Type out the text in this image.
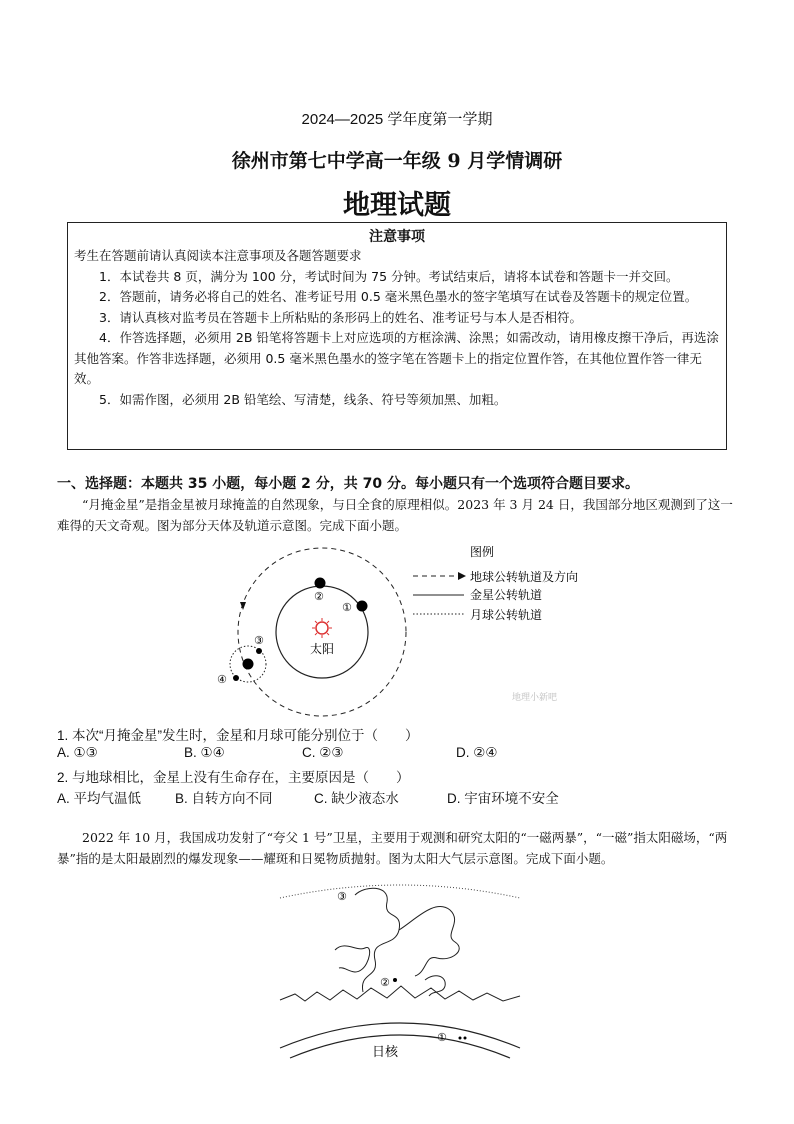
2024—2025 学年度第一学期
徐州市第七中学高一年级 9 月学情调研
地理试题
注意事项
考生在答题前请认真阅读本注意事项及各题答题要求
1．本试卷共 8 页，满分为 100 分，考试时间为 75 分钟。考试结束后，请将本试卷和答题卡一并交回。
2．答题前，请务必将自己的姓名、准考证号用 0.5 毫米黑色墨水的签字笔填写在试卷及答题卡的规定位置。
3．请认真核对监考员在答题卡上所粘贴的条形码上的姓名、准考证号与本人是否相符。
4．作答选择题，必须用 2B 铅笔将答题卡上对应选项的方框涂满、涂黑；如需改动，请用橡皮擦干净后，再选涂其他答案。作答非选择题，必须用 0.5 毫米黑色墨水的签字笔在答题卡上的指定位置作答，在其他位置作答一律无效。
5．如需作图，必须用 2B 铅笔绘、写清楚，线条、符号等须加黑、加粗。
一、选择题：本题共 35 小题，每小题 2 分，共 70 分。每小题只有一个选项符合题目要求。
“月掩金星”是指金星被月球掩盖的自然现象，与日全食的原理相似。2023 年 3 月 24 日，我国部分地区观测到了这一难得的天文奇观。图为部分天体及轨道示意图。完成下面小题。
太阳
②
①
③
④
图例
地球公转轨道及方向
金星公转轨道
月球公转轨道
地理小新吧
1. 本次“月掩金星”发生时，金星和月球可能分别位于（　　）
A. ①③	B. ①④	C. ②③	D. ②④
2. 与地球相比，金星上没有生命存在，主要原因是（　　）
A. 平均气温低	B. 自转方向不同	C. 缺少液态水	D. 宇宙环境不安全
2022 年 10 月，我国成功发射了“夸父 1 号”卫星，主要用于观测和研究太阳的“一磁两暴”，“一磁”指太阳磁场，“两暴”指的是太阳最剧烈的爆发现象——耀斑和日冕物质抛射。图为太阳大气层示意图。完成下面小题。
③
②
①
日核
